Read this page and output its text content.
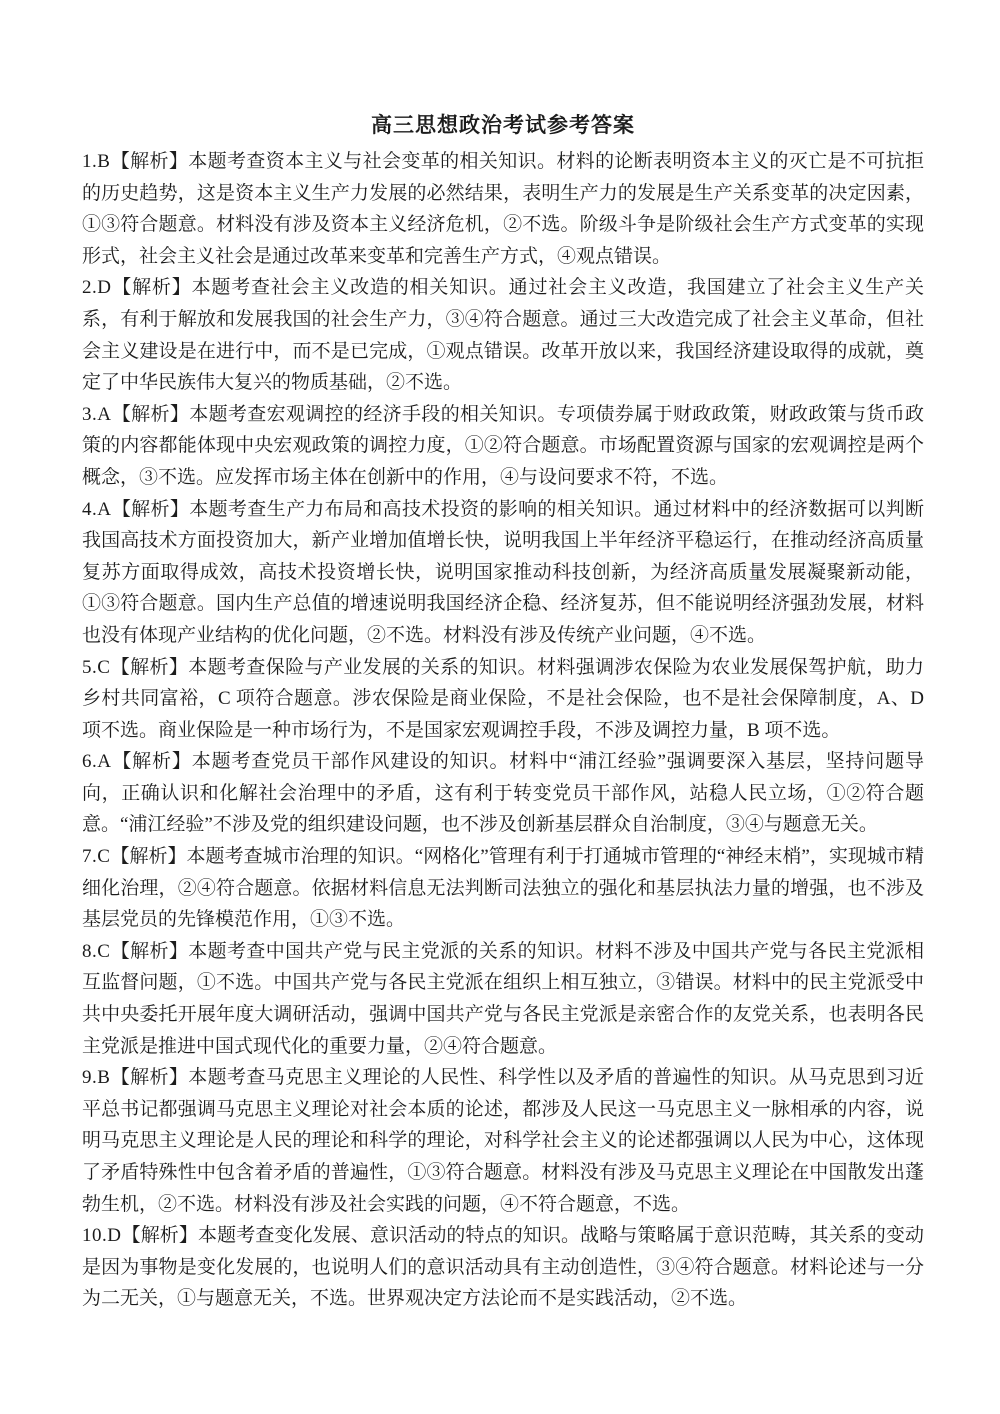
高三思想政治考试参考答案

1.B【解析】本题考查资本主义与社会变革的相关知识。材料的论断表明资本主义的灭亡是不可抗拒的历史趋势，这是资本主义生产力发展的必然结果，表明生产力的发展是生产关系变革的决定因素，①③符合题意。材料没有涉及资本主义经济危机，②不选。阶级斗争是阶级社会生产方式变革的实现形式，社会主义社会是通过改革来变革和完善生产方式，④观点错误。

2.D【解析】本题考查社会主义改造的相关知识。通过社会主义改造，我国建立了社会主义生产关系，有利于解放和发展我国的社会生产力，③④符合题意。通过三大改造完成了社会主义革命，但社会主义建设是在进行中，而不是已完成，①观点错误。改革开放以来，我国经济建设取得的成就，奠定了中华民族伟大复兴的物质基础，②不选。

3.A【解析】本题考查宏观调控的经济手段的相关知识。专项债券属于财政政策，财政政策与货币政策的内容都能体现中央宏观政策的调控力度，①②符合题意。市场配置资源与国家的宏观调控是两个概念，③不选。应发挥市场主体在创新中的作用，④与设问要求不符，不选。

4.A【解析】本题考查生产力布局和高技术投资的影响的相关知识。通过材料中的经济数据可以判断我国高技术方面投资加大，新产业增加值增长快，说明我国上半年经济平稳运行，在推动经济高质量复苏方面取得成效，高技术投资增长快，说明国家推动科技创新，为经济高质量发展凝聚新动能，①③符合题意。国内生产总值的增速说明我国经济企稳、经济复苏，但不能说明经济强劲发展，材料也没有体现产业结构的优化问题，②不选。材料没有涉及传统产业问题，④不选。

5.C【解析】本题考查保险与产业发展的关系的知识。材料强调涉农保险为农业发展保驾护航，助力乡村共同富裕，C 项符合题意。涉农保险是商业保险，不是社会保险，也不是社会保障制度，A、D 项不选。商业保险是一种市场行为，不是国家宏观调控手段，不涉及调控力量，B 项不选。

6.A【解析】本题考查党员干部作风建设的知识。材料中“浦江经验”强调要深入基层，坚持问题导向，正确认识和化解社会治理中的矛盾，这有利于转变党员干部作风，站稳人民立场，①②符合题意。“浦江经验”不涉及党的组织建设问题，也不涉及创新基层群众自治制度，③④与题意无关。

7.C【解析】本题考查城市治理的知识。“网格化”管理有利于打通城市管理的“神经末梢”，实现城市精细化治理，②④符合题意。依据材料信息无法判断司法独立的强化和基层执法力量的增强，也不涉及基层党员的先锋模范作用，①③不选。

8.C【解析】本题考查中国共产党与民主党派的关系的知识。材料不涉及中国共产党与各民主党派相互监督问题，①不选。中国共产党与各民主党派在组织上相互独立，③错误。材料中的民主党派受中共中央委托开展年度大调研活动，强调中国共产党与各民主党派是亲密合作的友党关系，也表明各民主党派是推进中国式现代化的重要力量，②④符合题意。

9.B【解析】本题考查马克思主义理论的人民性、科学性以及矛盾的普遍性的知识。从马克思到习近平总书记都强调马克思主义理论对社会本质的论述，都涉及人民这一马克思主义一脉相承的内容，说明马克思主义理论是人民的理论和科学的理论，对科学社会主义的论述都强调以人民为中心，这体现了矛盾特殊性中包含着矛盾的普遍性，①③符合题意。材料没有涉及马克思主义理论在中国散发出蓬勃生机，②不选。材料没有涉及社会实践的问题，④不符合题意，不选。

10.D【解析】本题考查变化发展、意识活动的特点的知识。战略与策略属于意识范畴，其关系的变动是因为事物是变化发展的，也说明人们的意识活动具有主动创造性，③④符合题意。材料论述与一分为二无关，①与题意无关，不选。世界观决定方法论而不是实践活动，②不选。
